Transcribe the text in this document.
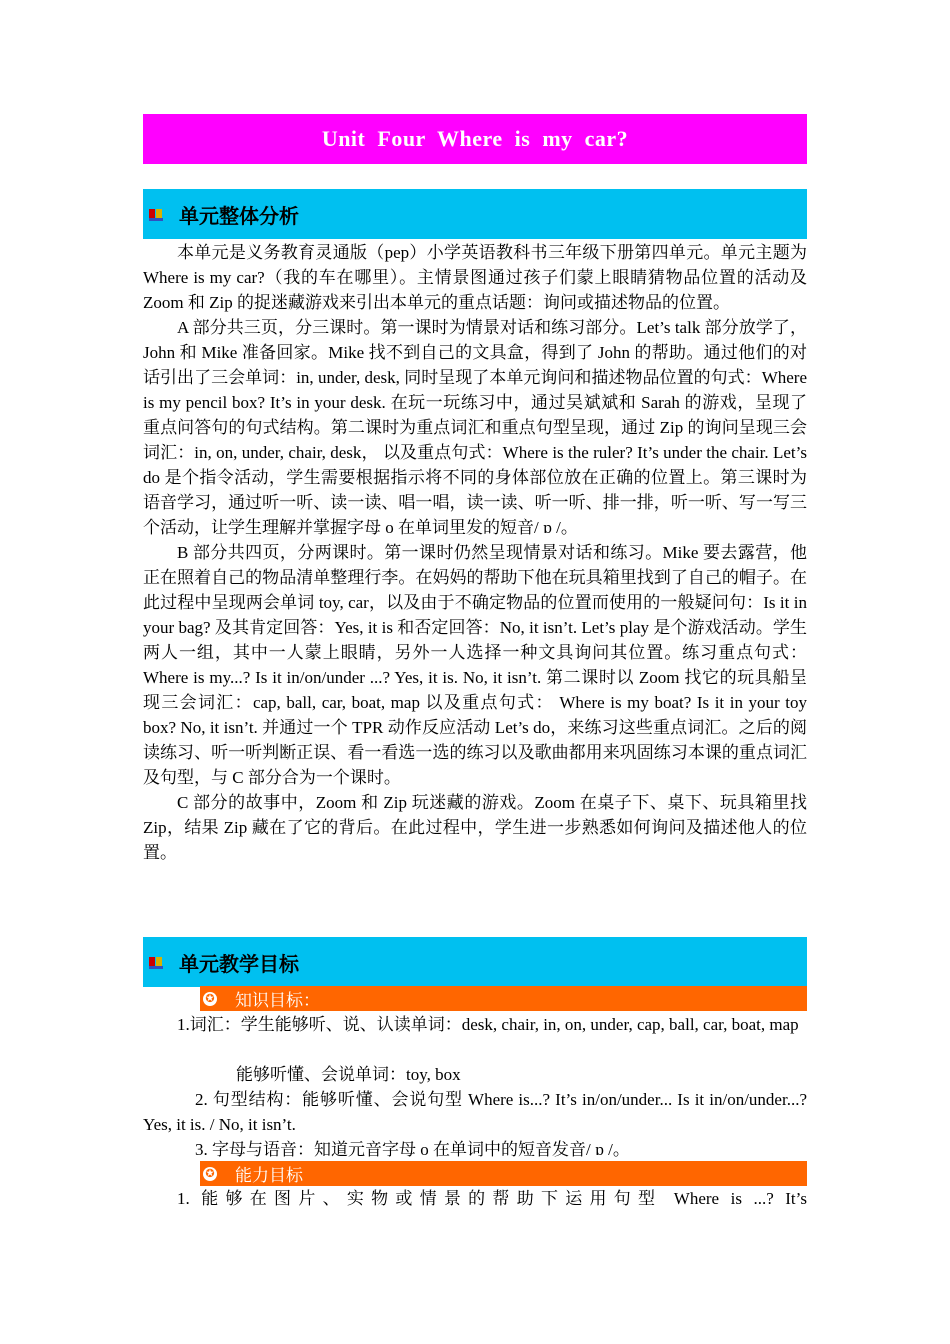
Unit Four Where is my car?
单元整体分析

本单元是义务教育灵通版（pep）小学英语教科书三年级下册第四单元。单元主题为 Where is my car?（我的车在哪里）。主情景图通过孩子们蒙上眼睛猜物品位置的活动及 Zoom 和 Zip 的捉迷藏游戏来引出本单元的重点话题：询问或描述物品的位置。

A 部分共三页，分三课时。第一课时为情景对话和练习部分。Let’s talk 部分放学了，John 和 Mike 准备回家。Mike 找不到自己的文具盒，得到了 John 的帮助。通过他们的对话引出了三会单词：in, under, desk, 同时呈现了本单元询问和描述物品位置的句式：Where is my pencil box? It’s in your desk. 在玩一玩练习中，通过吴斌斌和 Sarah 的游戏，呈现了重点问答句的句式结构。第二课时为重点词汇和重点句型呈现，通过 Zip 的询问呈现三会词汇：in, on, under, chair, desk， 以及重点句式：Where is the ruler? It’s under the chair. Let’s do 是个指令活动，学生需要根据指示将不同的身体部位放在正确的位置上。第三课时为语音学习，通过听一听、读一读、唱一唱，读一读、听一听、排一排，听一听、写一写三个活动，让学生理解并掌握字母 o 在单词里发的短音/ ɒ /。

B 部分共四页，分两课时。第一课时仍然呈现情景对话和练习。Mike 要去露营，他正在照着自己的物品清单整理行李。在妈妈的帮助下他在玩具箱里找到了自己的帽子。在此过程中呈现两会单词 toy, car，以及由于不确定物品的位置而使用的一般疑问句：Is it in your bag? 及其肯定回答：Yes, it is 和否定回答：No, it isn’t. Let’s play 是个游戏活动。学生两人一组，其中一人蒙上眼睛，另外一人选择一种文具询问其位置。练习重点句式：Where is my...? Is it in/on/under ...? Yes, it is. No, it isn’t. 第二课时以 Zoom 找它的玩具船呈现三会词汇：cap, ball, car, boat, map 以及重点句式： Where is my boat? Is it in your toy box? No, it isn’t. 并通过一个 TPR 动作反应活动 Let’s do，来练习这些重点词汇。之后的阅读练习、听一听判断正误、看一看选一选的练习以及歌曲都用来巩固练习本课的重点词汇及句型，与 C 部分合为一个课时。

C 部分的故事中，Zoom 和 Zip 玩迷藏的游戏。Zoom 在桌子下、桌下、玩具箱里找 Zip，结果 Zip 藏在了它的背后。在此过程中，学生进一步熟悉如何询问及描述他人的位置。

单元教学目标
✪ 知识目标：

1.词汇：学生能够听、说、认读单词：desk, chair, in, on, under, cap, ball, car, boat, map

能够听懂、会说单词：toy, box

2. 句型结构：能够听懂、会说句型 Where is...? It’s in/on/under... Is it in/on/under...? Yes, it is. / No, it isn’t.

3. 字母与语音：知道元音字母 o 在单词中的短音发音/ ɒ /。
✪ 能力目标
1. 能够在图片、实物或情景的帮助下运用句型 Where is ...? It’s
